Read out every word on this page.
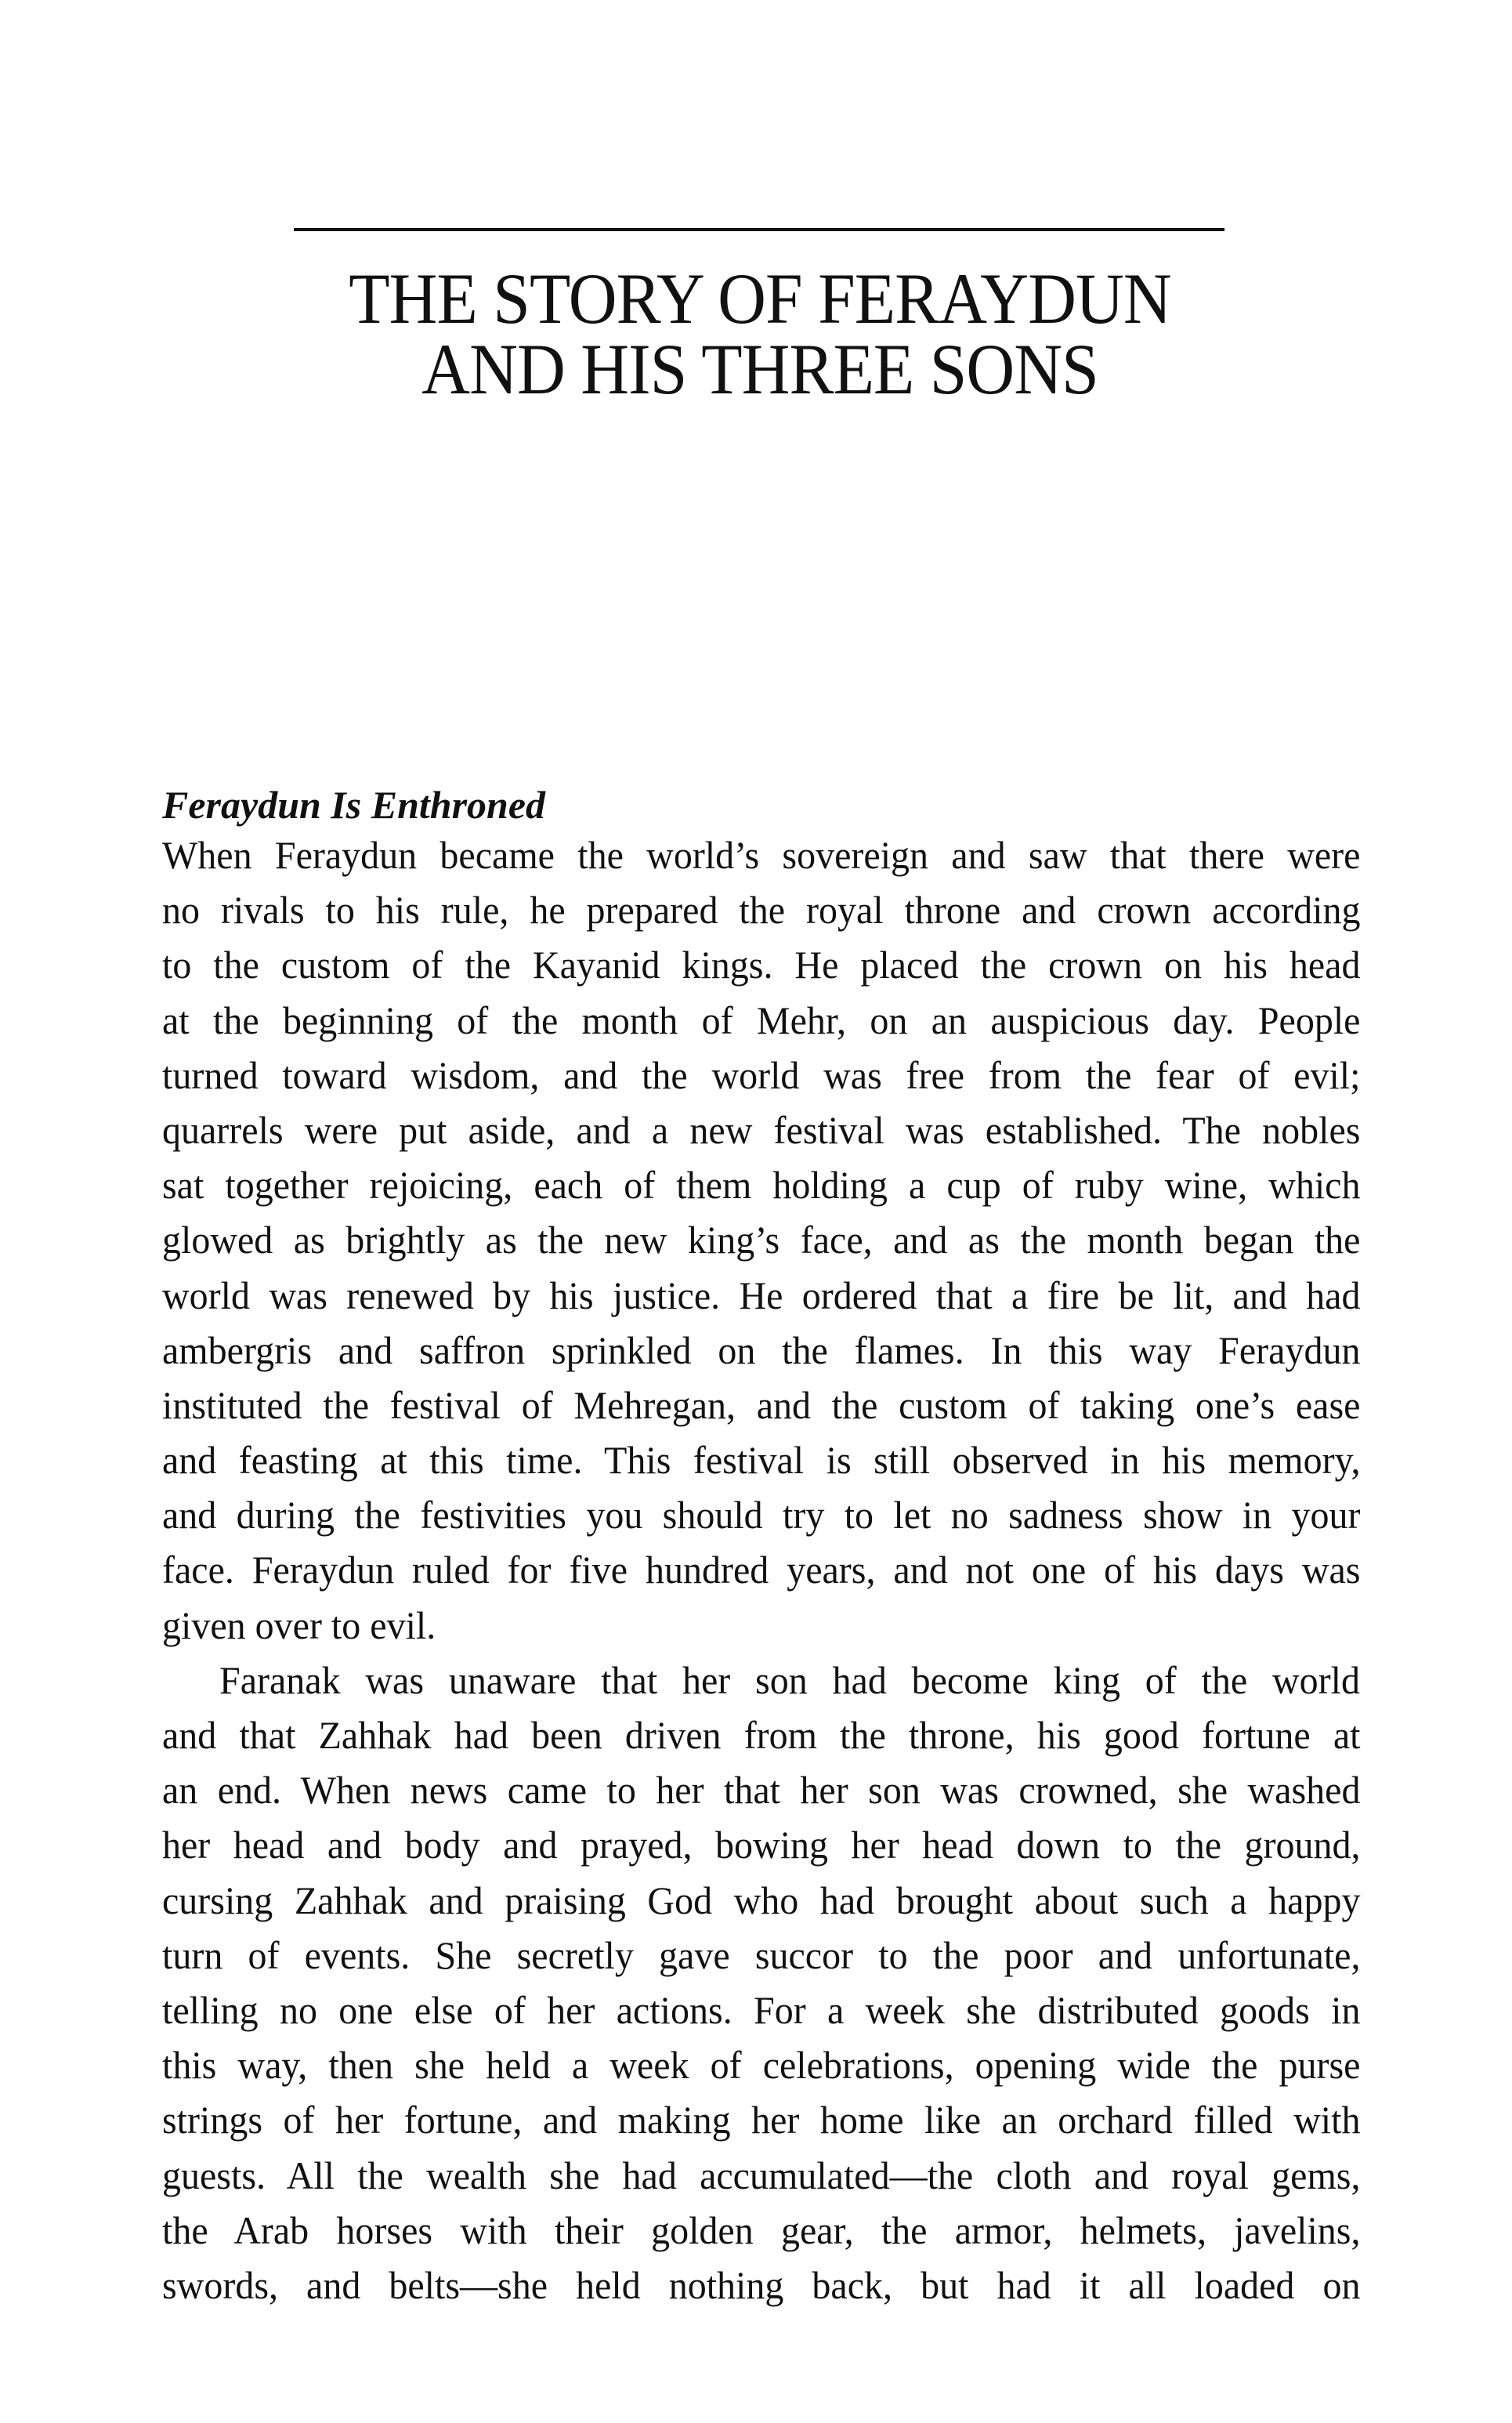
THE STORY OF FERAYDUN
AND HIS THREE SONS
Feraydun Is Enthroned
When Feraydun became the world’s sovereign and saw that there were
no rivals to his rule, he prepared the royal throne and crown according
to the custom of the Kayanid kings. He placed the crown on his head
at the beginning of the month of Mehr, on an auspicious day. People
turned toward wisdom, and the world was free from the fear of evil;
quarrels were put aside, and a new festival was established. The nobles
sat together rejoicing, each of them holding a cup of ruby wine, which
glowed as brightly as the new king’s face, and as the month began the
world was renewed by his justice. He ordered that a fire be lit, and had
ambergris and saffron sprinkled on the flames. In this way Feraydun
instituted the festival of Mehregan, and the custom of taking one’s ease
and feasting at this time. This festival is still observed in his memory,
and during the festivities you should try to let no sadness show in your
face. Feraydun ruled for five hundred years, and not one of his days was
given over to evil.
Faranak was unaware that her son had become king of the world
and that Zahhak had been driven from the throne, his good fortune at
an end. When news came to her that her son was crowned, she washed
her head and body and prayed, bowing her head down to the ground,
cursing Zahhak and praising God who had brought about such a happy
turn of events. She secretly gave succor to the poor and unfortunate,
telling no one else of her actions. For a week she distributed goods in
this way, then she held a week of celebrations, opening wide the purse
strings of her fortune, and making her home like an orchard filled with
guests. All the wealth she had accumulated—the cloth and royal gems,
the Arab horses with their golden gear, the armor, helmets, javelins,
swords, and belts—she held nothing back, but had it all loaded on
